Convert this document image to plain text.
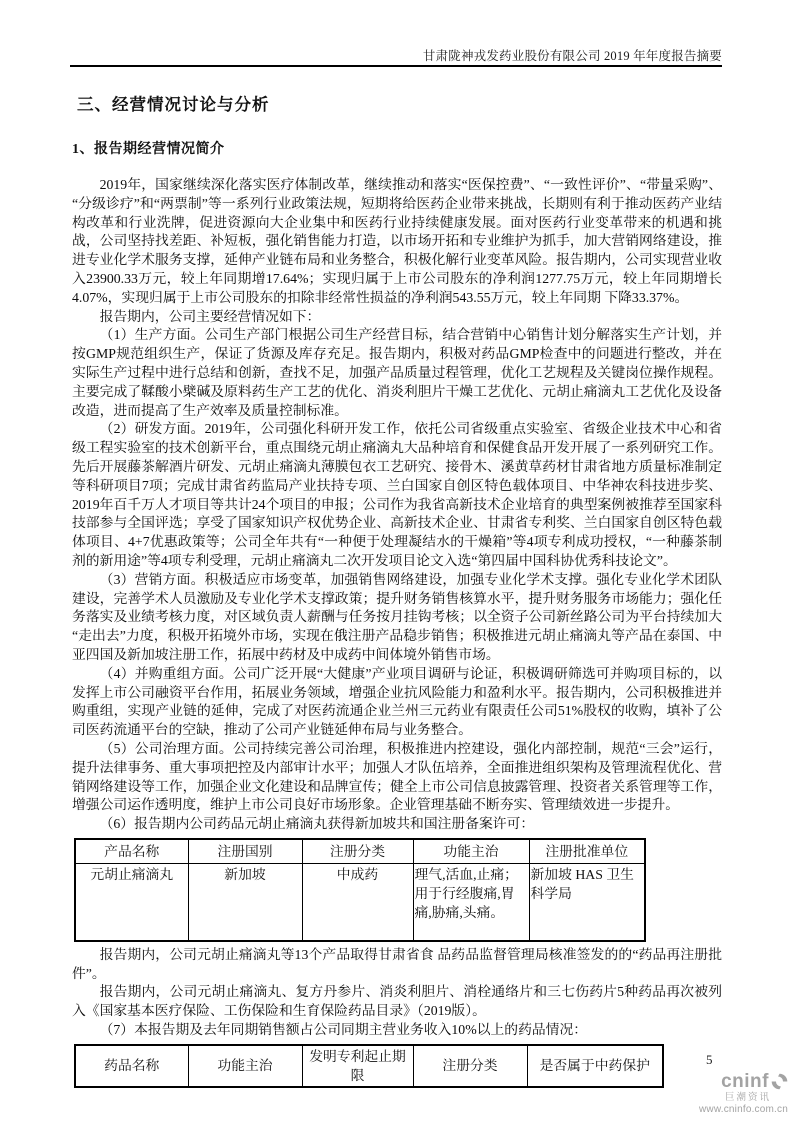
甘肃陇神戎发药业股份有限公司 2019 年年度报告摘要
三、经营情况讨论与分析
1、报告期经营情况简介

2019年，国家继续深化落实医疗体制改革，继续推动和落实“医保控费”、“一致性评价”、“带量采购”、“分级诊疗”和“两票制”等一系列行业政策法规，短期将给医药企业带来挑战，长期则有利于推动医药产业结构改革和行业洗牌，促进资源向大企业集中和医药行业持续健康发展。面对医药行业变革带来的机遇和挑战，公司坚持找差距、补短板，强化销售能力打造，以市场开拓和专业维护为抓手，加大营销网络建设，推进专业化学术服务支撑，延伸产业链布局和业务整合，积极化解行业变革风险。报告期内，公司实现营业收入23900.33万元，较上年同期增17.64%；实现归属于上市公司股东的净利润1277.75万元，较上年同期增长4.07%，实现归属于上市公司股东的扣除非经常性损益的净利润543.55万元，较上年同期 下降33.37%。

报告期内，公司主要经营情况如下：

（1）生产方面。公司生产部门根据公司生产经营目标，结合营销中心销售计划分解落实生产计划，并按GMP规范组织生产，保证了货源及库存充足。报告期内，积极对药品GMP检查中的问题进行整改，并在实际生产过程中进行总结和创新，查找不足，加强产品质量过程管理，优化工艺规程及关键岗位操作规程。主要完成了鞣酸小檗碱及原料药生产工艺的优化、消炎利胆片干燥工艺优化、元胡止痛滴丸工艺优化及设备改造，进而提高了生产效率及质量控制标准。

（2）研发方面。2019年，公司强化科研开发工作，依托公司省级重点实验室、省级企业技术中心和省级工程实验室的技术创新平台，重点围绕元胡止痛滴丸大品种培育和保健食品开发开展了一系列研究工作。先后开展藤茶解酒片研发、元胡止痛滴丸薄膜包衣工艺研究、接骨木、溪黄草药材甘肃省地方质量标准制定等科研项目7项；完成甘肃省药监局产业扶持专项、兰白国家自创区特色载体项目、中华神农科技进步奖、2019年百千万人才项目等共计24个项目的申报；公司作为我省高新技术企业培育的典型案例被推荐至国家科技部参与全国评选；享受了国家知识产权优势企业、高新技术企业、甘肃省专利奖、兰白国家自创区特色载体项目、4+7优惠政策等；公司全年共有“一种便于处理凝结水的干燥箱”等4项专利成功授权，“一种藤茶制剂的新用途”等4项专利受理，元胡止痛滴丸二次开发项目论文入选“第四届中国科协优秀科技论文”。

（3）营销方面。积极适应市场变革，加强销售网络建设，加强专业化学术支撑。强化专业化学术团队建设，完善学术人员激励及专业化学术支撑政策；提升财务销售核算水平，提升财务服务市场能力；强化任务落实及业绩考核力度，对区域负责人薪酬与任务按月挂钩考核；以全资子公司新丝路公司为平台持续加大“走出去”力度，积极开拓境外市场，实现在俄注册产品稳步销售；积极推进元胡止痛滴丸等产品在泰国、中亚四国及新加坡注册工作，拓展中药材及中成药中间体境外销售市场。

（4）并购重组方面。公司广泛开展“大健康”产业项目调研与论证，积极调研筛选可并购项目标的，以发挥上市公司融资平台作用，拓展业务领域，增强企业抗风险能力和盈利水平。报告期内，公司积极推进并购重组，实现产业链的延伸，完成了对医药流通企业兰州三元药业有限责任公司51%股权的收购，填补了公司医药流通平台的空缺，推动了公司产业链延伸布局与业务整合。

（5）公司治理方面。公司持续完善公司治理，积极推进内控建设，强化内部控制，规范“三会”运行，提升法律事务、重大事项把控及内部审计水平；加强人才队伍培养，全面推进组织架构及管理流程优化、营销网络建设等工作，加强企业文化建设和品牌宣传；健全上市公司信息披露管理、投资者关系管理等工作，增强公司运作透明度，维护上市公司良好市场形象。企业管理基础不断夯实、管理绩效进一步提升。

（6）报告期内公司药品元胡止痛滴丸获得新加坡共和国注册备案许可：

产品名称	注册国别	注册分类	功能主治	注册批准单位
元胡止痛滴丸	新加坡	中成药	理气,活血,止痛；用于行经腹痛,胃痛,胁痛,头痛。	新加坡 HAS 卫生科学局

报告期内，公司元胡止痛滴丸等13个产品取得甘肃省食 品药品监督管理局核准签发的的“药品再注册批件”。

报告期内，公司元胡止痛滴丸、复方丹参片、消炎利胆片、消栓通络片和三七伤药片5种药品再次被列入《国家基本医疗保险、工伤保险和生育保险药品目录》（2019版）。

（7）本报告期及去年同期销售额占公司同期主营业务收入10%以上的药品情况：

药品名称	功能主治	发明专利起止期限	注册分类	是否属于中药保护	5
cninf
巨潮资讯
www.cninfo.com.cn
